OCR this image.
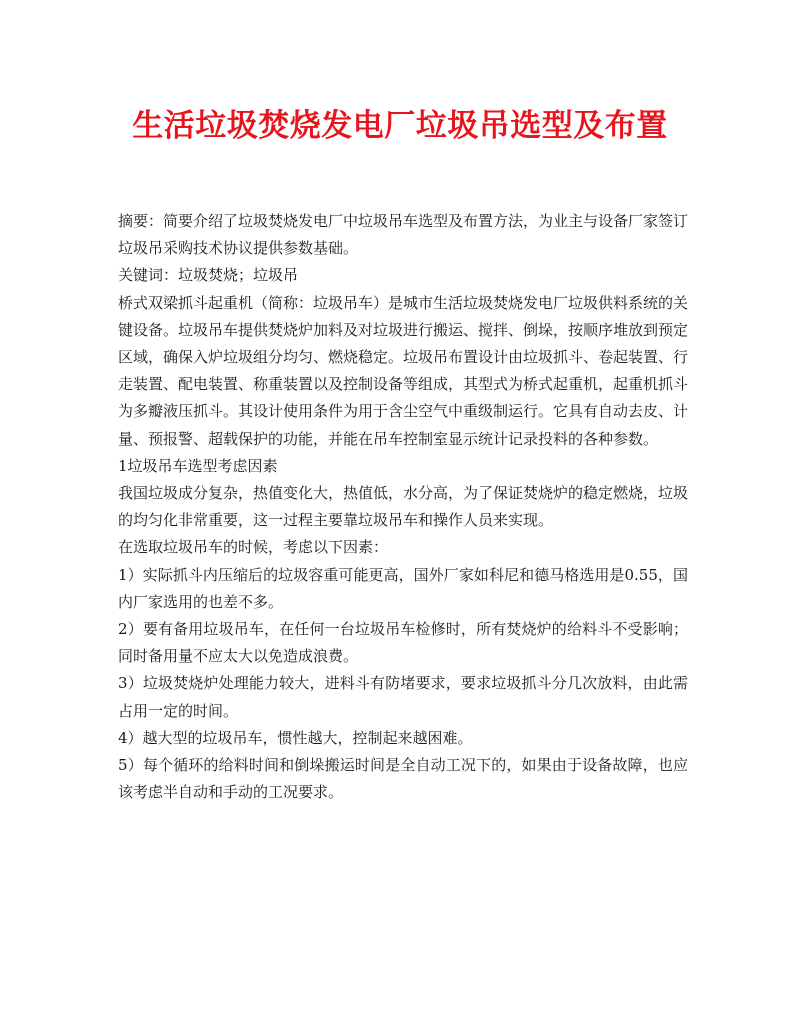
生活垃圾焚烧发电厂垃圾吊选型及布置

摘要：简要介绍了垃圾焚烧发电厂中垃圾吊车选型及布置方法，为业主与设备厂家签订垃圾吊采购技术协议提供参数基础。

关键词：垃圾焚烧；垃圾吊

桥式双梁抓斗起重机（简称：垃圾吊车）是城市生活垃圾焚烧发电厂垃圾供料系统的关键设备。垃圾吊车提供焚烧炉加料及对垃圾进行搬运、搅拌、倒垛，按顺序堆放到预定区域，确保入炉垃圾组分均匀、燃烧稳定。垃圾吊布置设计由垃圾抓斗、卷起装置、行走装置、配电装置、称重装置以及控制设备等组成，其型式为桥式起重机，起重机抓斗为多瓣液压抓斗。其设计使用条件为用于含尘空气中重级制运行。它具有自动去皮、计量、预报警、超载保护的功能，并能在吊车控制室显示统计记录投料的各种参数。

1垃圾吊车选型考虑因素

我国垃圾成分复杂，热值变化大，热值低，水分高，为了保证焚烧炉的稳定燃烧，垃圾的均匀化非常重要，这一过程主要靠垃圾吊车和操作人员来实现。

在选取垃圾吊车的时候，考虑以下因素：

1）实际抓斗内压缩后的垃圾容重可能更高，国外厂家如科尼和德马格选用是0.55，国内厂家选用的也差不多。

2）要有备用垃圾吊车，在任何一台垃圾吊车检修时，所有焚烧炉的给料斗不受影响；同时备用量不应太大以免造成浪费。

3）垃圾焚烧炉处理能力较大，进料斗有防堵要求，要求垃圾抓斗分几次放料，由此需占用一定的时间。

4）越大型的垃圾吊车，惯性越大，控制起来越困难。

5）每个循环的给料时间和倒垛搬运时间是全自动工况下的，如果由于设备故障，也应该考虑半自动和手动的工况要求。
